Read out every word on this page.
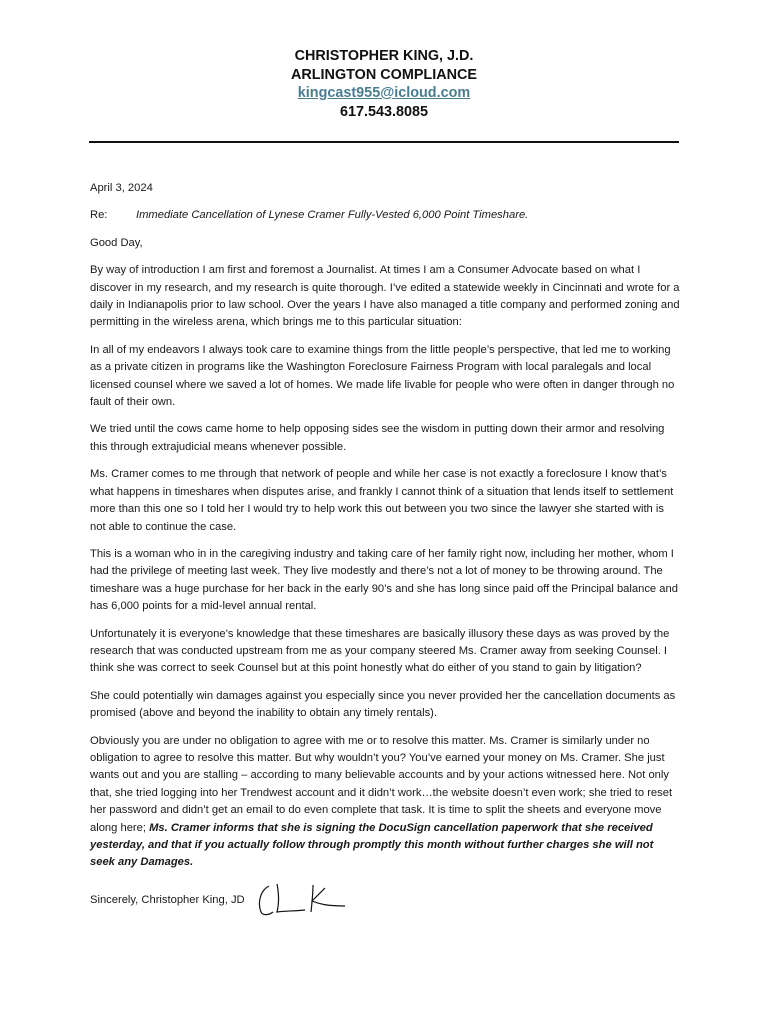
CHRISTOPHER KING, J.D.
ARLINGTON COMPLIANCE
kingcast955@icloud.com
617.543.8085

April 3, 2024

Re:	Immediate Cancellation of Lynese Cramer Fully-Vested 6,000 Point Timeshare.

Good Day,

By way of introduction I am first and foremost a Journalist. At times I am a Consumer Advocate based on what I discover in my research, and my research is quite thorough. I’ve edited a statewide weekly in Cincinnati and wrote for a daily in Indianapolis prior to law school. Over the years I have also managed a title company and performed zoning and permitting in the wireless arena, which brings me to this particular situation:

In all of my endeavors I always took care to examine things from the little people’s perspective, that led me to working as a private citizen in programs like the Washington Foreclosure Fairness Program with local paralegals and local licensed counsel where we saved a lot of homes. We made life livable for people who were often in danger through no fault of their own.

We tried until the cows came home to help opposing sides see the wisdom in putting down their armor and resolving this through extrajudicial means whenever possible.

Ms. Cramer comes to me through that network of people and while her case is not exactly a foreclosure I know that’s what happens in timeshares when disputes arise, and frankly I cannot think of a situation that lends itself to settlement more than this one so I told her I would try to help work this out between you two since the lawyer she started with is not able to continue the case.

This is a woman who in in the caregiving industry and taking care of her family right now, including her mother, whom I had the privilege of meeting last week. They live modestly and there’s not a lot of money to be throwing around. The timeshare was a huge purchase for her back in the early 90’s and she has long since paid off the Principal balance and has 6,000 points for a mid-level annual rental.

Unfortunately it is everyone’s knowledge that these timeshares are basically illusory these days as was proved by the research that was conducted upstream from me as your company steered Ms. Cramer away from seeking Counsel. I think she was correct to seek Counsel but at this point honestly what do either of you stand to gain by litigation?

She could potentially win damages against you especially since you never provided her the cancellation documents as promised (above and beyond the inability to obtain any timely rentals).

Obviously you are under no obligation to agree with me or to resolve this matter. Ms. Cramer is similarly under no obligation to agree to resolve this matter. But why wouldn’t you? You’ve earned your money on Ms. Cramer. She just wants out and you are stalling – according to many believable accounts and by your actions witnessed here. Not only that, she tried logging into her Trendwest account and it didn’t work…the website doesn’t even work; she tried to reset her password and didn’t get an email to do even complete that task. It is time to split the sheets and everyone move along here; Ms. Cramer informs that she is signing the DocuSign cancellation paperwork that she received yesterday, and that if you actually follow through promptly this month without further charges she will not seek any Damages.

Sincerely, Christopher King, JD
